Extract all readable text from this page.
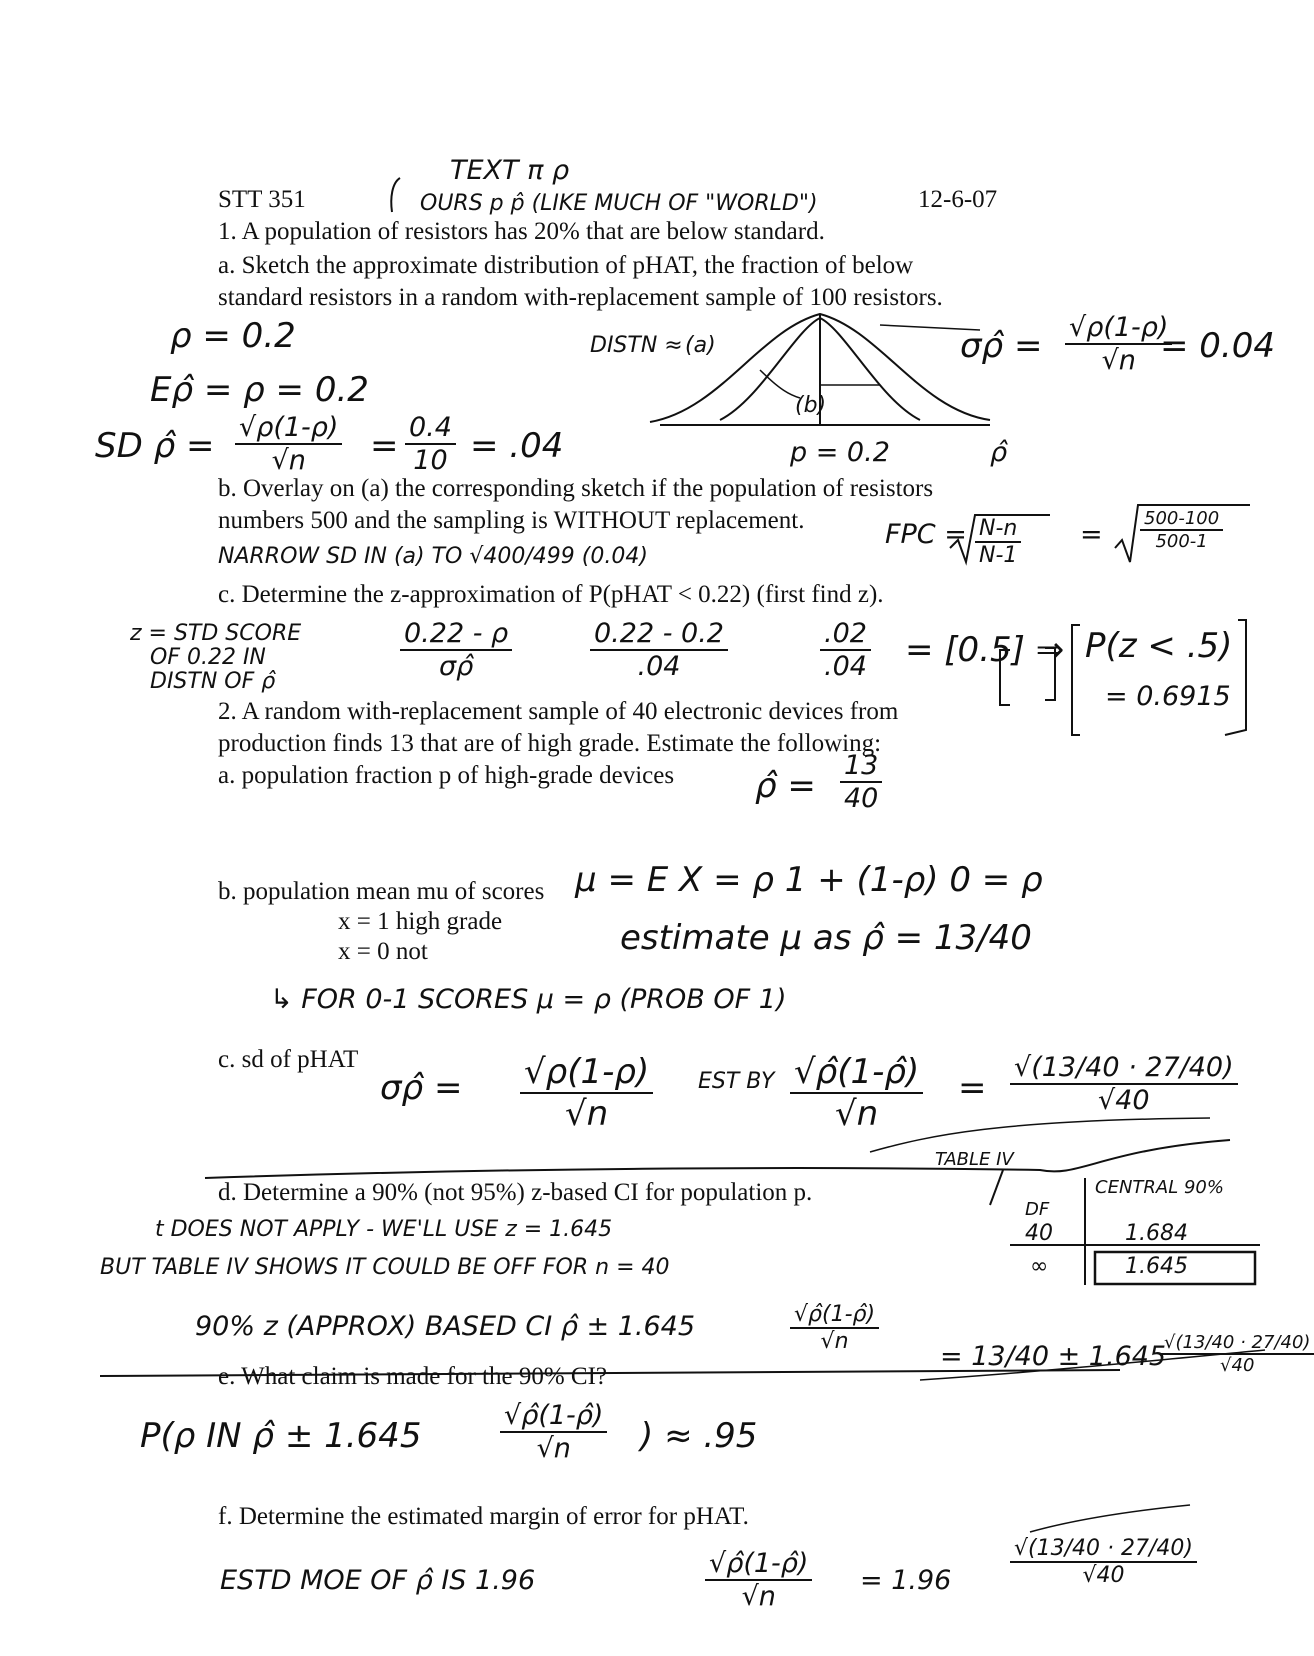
STT 351
TEXT π ρ
OURS p p̂ (LIKE MUCH OF "WORLD")	12-6-07
1. A population of resistors has 20% that are below standard.
a. Sketch the approximate distribution of pHAT, the fraction of below
standard resistors in a random with-replacement sample of 100 resistors.
ρ = 0.2
Eρ̂ = ρ = 0.2
SD ρ̂ = $\frac{√\rho(1-\rho)}{√n} = \frac{0.4}{10} = .04$
DISTN ≈ (a)
(b)
p = 0.2	ρ̂
σρ̂ = $\frac{√\rho(1-\rho)}{√n}$
= 0.04
b. Overlay on (a) the corresponding sketch if the population of resistors
numbers 500 and the sampling is WITHOUT replacement.	FPC = $\frac{N-n}{N-1} = \frac{500-100}{500-1}$
NARROW SD IN (a) TO √400/499 (0.04)
c. Determine the z-approximation of P(pHAT < 0.22) (first find z).
z = STD SCORE
OF 0.22 IN
DISTN OF ρ̂	$\frac{0.22 - \rho}{\sigma\rhô}$	$\frac{0.22 - 0.2}{.04}$	$\frac{.02}{.04} = [0.5]$ ⇒ P(z < .5)
= 0.6915
2. A random with-replacement sample of 40 electronic devices from
production finds 13 that are of high grade. Estimate the following:
a. population fraction p of high-grade devices ρ̂ = $\frac{13}{40}$
b. population mean mu of scores
x = 1 high grade
x = 0 not
μ = E X = ρ 1 + (1-ρ) 0 = ρ
estimate μ as ρ̂ = 13/40
↳ FOR 0-1 SCORES μ = ρ (PROB OF 1)
c. sd of pHAT
σρ̂ = $\frac{√\rho(1-\rho)}{√n}$ EST BY $\frac{√\rhô(1-\rhô)}{√n} = \frac{√(13/40 \cdot 27/40)}{√40}$
d. Determine a 90% (not 95%) z-based CI for population p.
t DOES NOT APPLY - WE'LL USE z = 1.645
BUT TABLE IV SHOWS IT COULD BE OFF FOR n = 40
90% z (APPROX) BASED CI ρ̂ ± 1.645	$\frac{√\rhô(1-\rhô)}{√n}$
= 13/40 ± 1.645
$\frac{√(13/40 \cdot 27/40)}{√40}$
TABLE IV
DF
CENTRAL 90%
40	1.684
∞	1.645
e. What claim is made for the 90% CI?
P(ρ IN ρ̂ ± 1.645	$\frac{√\rhô(1-\rhô)}{√n}$ ) ≈ .95
f. Determine the estimated margin of error for pHAT.
ESTD MOE OF ρ̂ IS 1.96	$\frac{√\rhô(1-\rhô)}{√n} = 1.96$	$\frac{√(13/40 \cdot 27/40)}{√40}$
